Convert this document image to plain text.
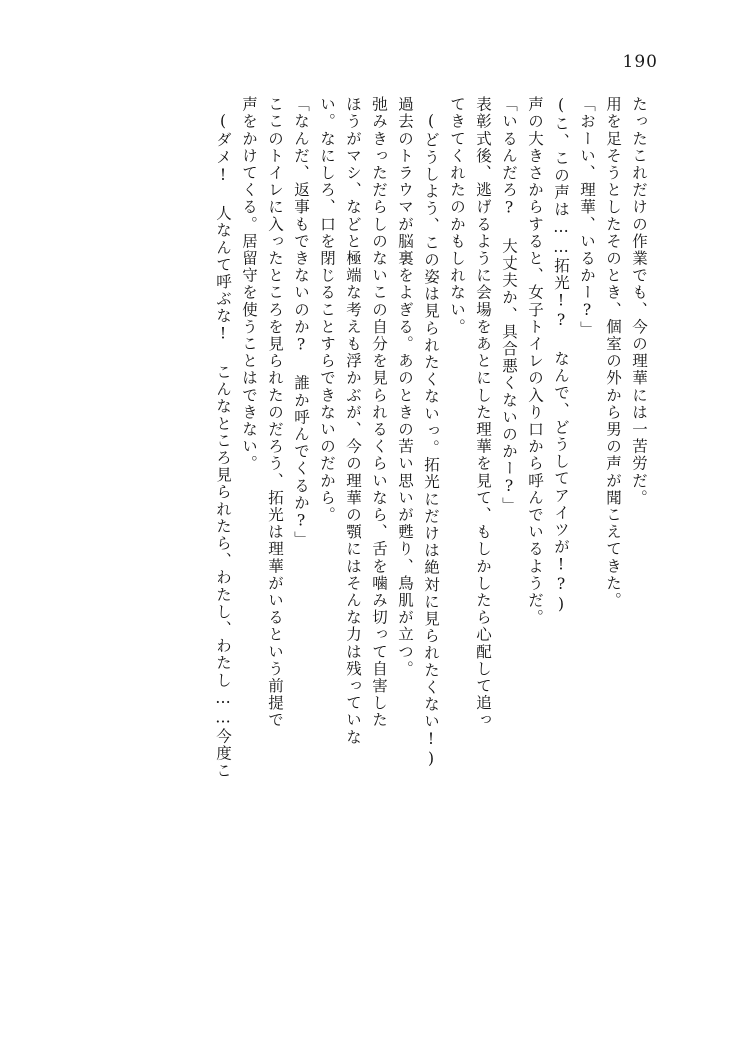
190
たったこれだけの作業でも、今の理華には一苦労だ。
用を足そうとしたそのとき、個室の外から男の声が聞こえてきた。
「おーい、理華、いるかー?」
(こ、この声は……拓光!? なんで、どうしてアイツが!?)
声の大きさからすると、女子トイレの入り口から呼んでいるようだ。
「いるんだろ? 大丈夫か、具合悪くないのかー?」
表彰式後、逃げるように会場をあとにした理華を見て、もしかしたら心配して追っ
てきてくれたのかもしれない。
(どうしよう、この姿は見られたくないっ。拓光にだけは絶対に見られたくない!)
過去のトラウマが脳裏をよぎる。あのときの苦い思いが甦り、鳥肌が立つ。
弛みきっただらしのないこの自分を見られるくらいなら、舌を噛み切って自害した
ほうがマシ、などと極端な考えも浮かぶが、今の理華の顎にはそんな力は残っていな
い。なにしろ、口を閉じることすらできないのだから。
「なんだ、返事もできないのか? 誰か呼んでくるか?」
ここのトイレに入ったところを見られたのだろう、拓光は理華がいるという前提で
声をかけてくる。居留守を使うことはできない。
(ダメ! 人なんて呼ぶな! こんなところ見られたら、わたし、わたし……今度こ
